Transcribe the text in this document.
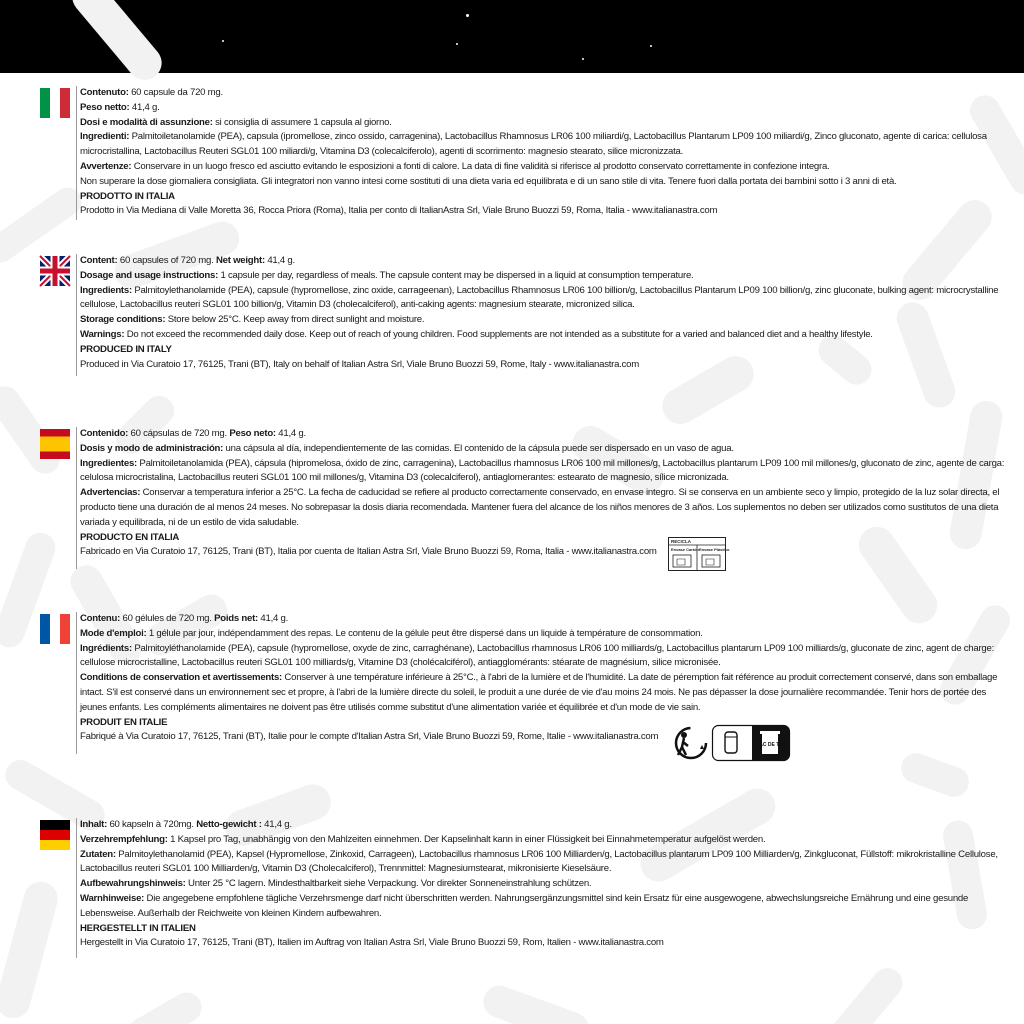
Contenuto: 60 capsule da 720 mg.

Peso netto: 41,4 g.

Dosi e modalità di assunzione: si consiglia di assumere 1 capsula al giorno.

Ingredienti: Palmitoiletanolamide (PEA), capsula (ipromellose, zinco ossido, carragenina), Lactobacillus Rhamnosus LR06 100 miliardi/g, Lactobacillus Plantarum LP09 100 miliardi/g, Zinco gluconato, agente di carica: cellulosa microcristallina, Lactobacillus Reuteri SGL01 100 miliardi/g, Vitamina D3 (colecalciferolo), agenti di scorrimento: magnesio stearato, silice micronizzata.

Avvertenze: Conservare in un luogo fresco ed asciutto evitando le esposizioni a fonti di calore. La data di fine validità si riferisce al prodotto conservato correttamente in confezione integra.

Non superare la dose giornaliera consigliata. Gli integratori non vanno intesi come sostituti di una dieta varia ed equilibrata e di un sano stile di vita. Tenere fuori dalla portata dei bambini sotto i 3 anni di età.

PRODOTTO IN ITALIA

Prodotto in Via Mediana di Valle Moretta 36, Rocca Priora (Roma), Italia per conto di ItalianAstra Srl, Viale Bruno Buozzi 59, Roma, Italia - www.italianastra.com

Content: 60 capsules of 720 mg. Net weight: 41,4 g.

Dosage and usage instructions: 1 capsule per day, regardless of meals. The capsule content may be dispersed in a liquid at consumption temperature.

Ingredients: Palmitoylethanolamide (PEA), capsule (hypromellose, zinc oxide, carrageenan), Lactobacillus Rhamnosus LR06 100 billion/g, Lactobacillus Plantarum LP09 100 billion/g, zinc gluconate, bulking agent: microcrystalline cellulose, Lactobacillus reuteri SGL01 100 billion/g, Vitamin D3 (cholecalciferol), anti-caking agents: magnesium stearate, micronized silica.

Storage conditions: Store below 25°C. Keep away from direct sunlight and moisture.

Warnings: Do not exceed the recommended daily dose. Keep out of reach of young children. Food supplements are not intended as a substitute for a varied and balanced diet and a healthy lifestyle.

PRODUCED IN ITALY

Produced in Via Curatoio 17, 76125, Trani (BT), Italy on behalf of Italian Astra Srl, Viale Bruno Buozzi 59, Rome, Italy - www.italianastra.com

Contenido: 60 cápsulas de 720 mg. Peso neto: 41,4 g.

Dosis y modo de administración: una cápsula al día, independientemente de las comidas. El contenido de la cápsula puede ser dispersado en un vaso de agua.

Ingredientes: Palmitoiletanolamida (PEA), cápsula (hipromelosa, óxido de zinc, carragenina), Lactobacillus rhamnosus LR06 100 mil millones/g, Lactobacillus plantarum LP09 100 mil millones/g, gluconato de zinc, agente de carga: celulosa microcristalina, Lactobacillus reuteri SGL01 100 mil millones/g, Vitamina D3 (colecalciferol), antiaglomerantes: estearato de magnesio, sílice micronizada.

Advertencias: Conservar a temperatura inferior a 25°C. La fecha de caducidad se refiere al producto correctamente conservado, en envase integro. Si se conserva en un ambiente seco y limpio, protegido de la luz solar directa, el producto tiene una duración de al menos 24 meses. No sobrepasar la dosis diaria recomendada. Mantener fuera del alcance de los niños menores de 3 años. Los suplementos no deben ser utilizados como sustitutos de una dieta variada y equilibrada, ni de un estilo de vida saludable.

PRODUCTO EN ITALIA

Fabricado en Via Curatoio 17, 76125, Trani (BT), Italia por cuenta de Italian Astra Srl, Viale Bruno Buozzi 59, Roma, Italia - www.italianastra.com

RECICLA
Envase Cartón Envase Plástico

Contenu: 60 gélules de 720 mg. Poids net: 41,4 g.

Mode d'emploi: 1 gélule par jour, indépendamment des repas. Le contenu de la gélule peut être dispersé dans un liquide à température de consommation.

Ingrédients: Palmitoyléthanolamide (PEA), capsule (hypromellose, oxyde de zinc, carraghénane), Lactobacillus rhamnosus LR06 100 milliards/g, Lactobacillus plantarum LP09 100 milliards/g, gluconate de zinc, agent de charge: cellulose microcristalline, Lactobacillus reuteri SGL01 100 milliards/g, Vitamine D3 (cholécalciférol), antiagglomérants: stéarate de magnésium, silice micronisée.

Conditions de conservation et avertissements: Conserver à une température inférieure à 25°C., à l'abri de la lumière et de l'humidité. La date de péremption fait référence au produit correctement conservé, dans son emballage intact. S'il est conservé dans un environnement sec et propre, à l'abri de la lumière directe du soleil, le produit a une durée de vie d'au moins 24 mois. Ne pas dépasser la dose journalière recommandée. Tenir hors de portée des jeunes enfants. Les compléments alimentaires ne doivent pas être utilisés comme substitut d'une alimentation variée et équilibrée et d'un mode de vie sain.

PRODUIT EN ITALIE

Fabriqué à Via Curatoio 17, 76125, Trani (BT), Italie pour le compte d'Italian Astra Srl, Viale Bruno Buozzi 59, Rome, Italie - www.italianastra.com

BAC DE TRI

Inhalt: 60 kapseln à 720mg. Netto-gewicht : 41,4 g.

Verzehrempfehlung: 1 Kapsel pro Tag, unabhängig von den Mahlzeiten einnehmen. Der Kapselinhalt kann in einer Flüssigkeit bei Einnahmetemperatur aufgelöst werden.

Zutaten: Palmitoylethanolamid (PEA), Kapsel (Hypromellose, Zinkoxid, Carrageen), Lactobacillus rhamnosus LR06 100 Milliarden/g, Lactobacillus plantarum LP09 100 Milliarden/g, Zinkgluconat, Füllstoff: mikrokristalline Cellulose, Lactobacillus reuteri SGL01 100 Milliarden/g, Vitamin D3 (Cholecalciferol), Trennmittel: Magnesiumstearat, mikronisierte Kieselsäure.

Aufbewahrungshinweis: Unter 25 °C lagern. Mindesthaltbarkeit siehe Verpackung. Vor direkter Sonneneinstrahlung schützen.

Warnhinweise: Die angegebene empfohlene tägliche Verzehrsmenge darf nicht überschritten werden. Nahrungsergänzungsmittel sind kein Ersatz für eine ausgewogene, abwechslungsreiche Ernährung und eine gesunde Lebensweise. Außerhalb der Reichweite von kleinen Kindern aufbewahren.

HERGESTELLT IN ITALIEN

Hergestellt in Via Curatoio 17, 76125, Trani (BT), Italien im Auftrag von Italian Astra Srl, Viale Bruno Buozzi 59, Rom, Italien - www.italianastra.com
